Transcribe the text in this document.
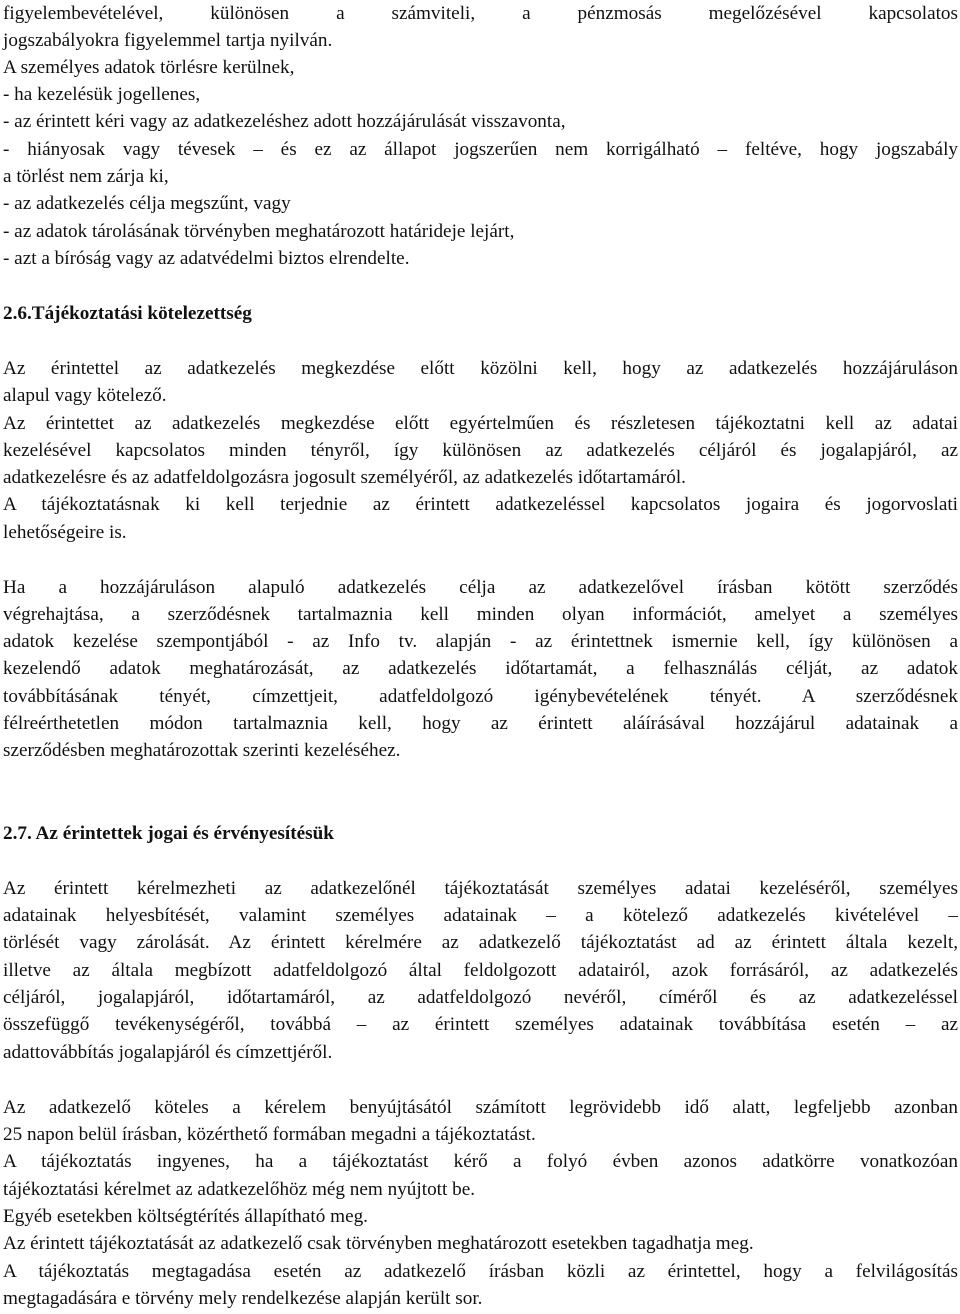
figyelembevételével, különösen a számviteli, a pénzmosás megelőzésével kapcsolatos
jogszabályokra figyelemmel tartja nyilván.
A személyes adatok törlésre kerülnek,
- ha kezelésük jogellenes,
- az érintett kéri vagy az adatkezeléshez adott hozzájárulását visszavonta,
- hiányosak vagy tévesek – és ez az állapot jogszerűen nem korrigálható – feltéve, hogy jogszabály
a törlést nem zárja ki,
- az adatkezelés célja megszűnt, vagy
- az adatok tárolásának törvényben meghatározott határideje lejárt,
- azt a bíróság vagy az adatvédelmi biztos elrendelte.
2.6.Tájékoztatási kötelezettség
Az érintettel az adatkezelés megkezdése előtt közölni kell, hogy az adatkezelés hozzájáruláson
alapul vagy kötelező.
Az érintettet az adatkezelés megkezdése előtt egyértelműen és részletesen tájékoztatni kell az adatai
kezelésével kapcsolatos minden tényről, így különösen az adatkezelés céljáról és jogalapjáról, az
adatkezelésre és az adatfeldolgozásra jogosult személyéről, az adatkezelés időtartamáról.
A tájékoztatásnak ki kell terjednie az érintett adatkezeléssel kapcsolatos jogaira és jogorvoslati
lehetőségeire is.
Ha a hozzájáruláson alapuló adatkezelés célja az adatkezelővel írásban kötött szerződés
végrehajtása, a szerződésnek tartalmaznia kell minden olyan információt, amelyet a személyes
adatok kezelése szempontjából - az Info tv. alapján - az érintettnek ismernie kell, így különösen a
kezelendő adatok meghatározását, az adatkezelés időtartamát, a felhasználás célját, az adatok
továbbításának tényét, címzettjeit, adatfeldolgozó igénybevételének tényét. A szerződésnek
félreérthetetlen módon tartalmaznia kell, hogy az érintett aláírásával hozzájárul adatainak a
szerződésben meghatározottak szerinti kezeléséhez.
2.7. Az érintettek jogai és érvényesítésük
Az érintett kérelmezheti az adatkezelőnél tájékoztatását személyes adatai kezeléséről, személyes
adatainak helyesbítését, valamint személyes adatainak – a kötelező adatkezelés kivételével –
törlését vagy zárolását. Az érintett kérelmére az adatkezelő tájékoztatást ad az érintett általa kezelt,
illetve az általa megbízott adatfeldolgozó által feldolgozott adatairól, azok forrásáról, az adatkezelés
céljáról, jogalapjáról, időtartamáról, az adatfeldolgozó nevéről, címéről és az adatkezeléssel
összefüggő tevékenységéről, továbbá – az érintett személyes adatainak továbbítása esetén – az
adattovábbítás jogalapjáról és címzettjéről.
Az adatkezelő köteles a kérelem benyújtásától számított legrövidebb idő alatt, legfeljebb azonban
25 napon belül írásban, közérthető formában megadni a tájékoztatást.
A tájékoztatás ingyenes, ha a tájékoztatást kérő a folyó évben azonos adatkörre vonatkozóan
tájékoztatási kérelmet az adatkezelőhöz még nem nyújtott be.
Egyéb esetekben költségtérítés állapítható meg.
Az érintett tájékoztatását az adatkezelő csak törvényben meghatározott esetekben tagadhatja meg.
A tájékoztatás megtagadása esetén az adatkezelő írásban közli az érintettel, hogy a felvilágosítás
megtagadására e törvény mely rendelkezése alapján került sor.
